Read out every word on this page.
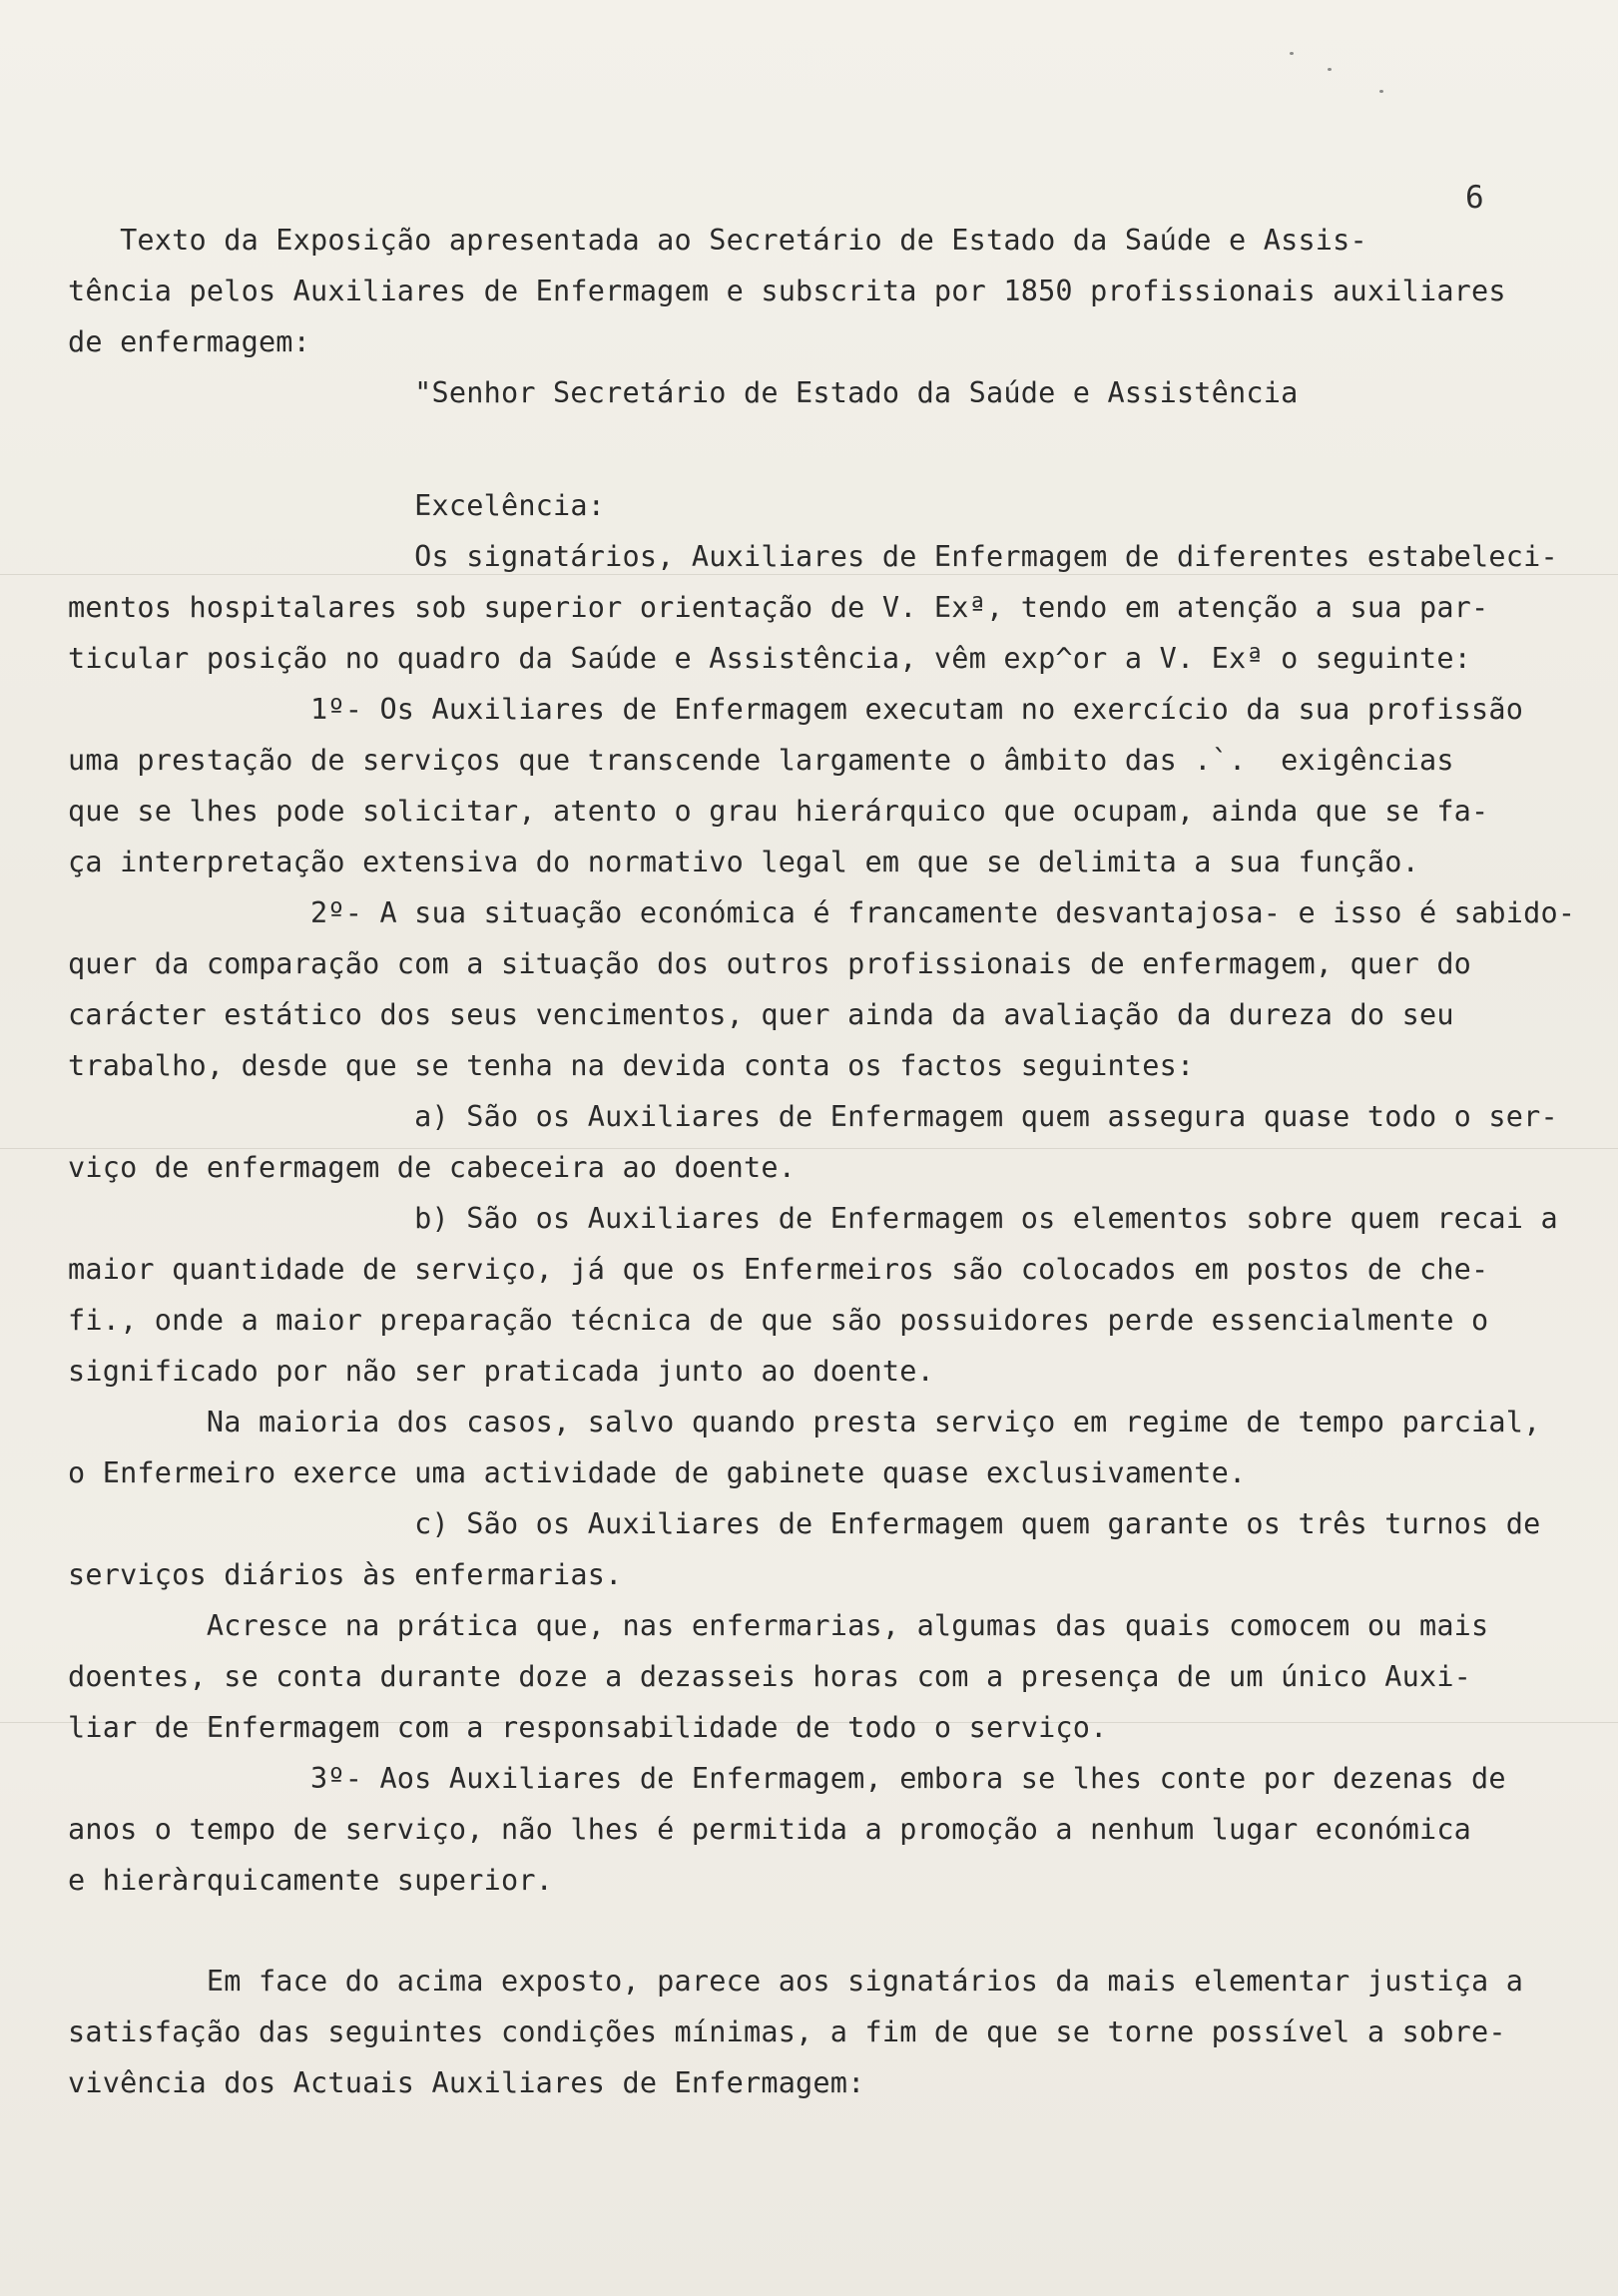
6
Texto da Exposição apresentada ao Secretário de Estado da Saúde e Assis-
tência pelos Auxiliares de Enfermagem e subscrita por 1850 profissionais auxiliares
de enfermagem:
"Senhor Secretário de Estado da Saúde e Assistência
Excelência:
Os signatários, Auxiliares de Enfermagem de diferentes estabeleci-
mentos hospitalares sob superior orientação de V. Exª, tendo em atenção a sua par-
ticular posição no quadro da Saúde e Assistência, vêm exp^or a V. Exª o seguinte:
1º- Os Auxiliares de Enfermagem executam no exercício da sua profissão
uma prestação de serviços que transcende largamente o âmbito das .`.  exigências
que se lhes pode solicitar, atento o grau hierárquico que ocupam, ainda que se fa-
ça interpretação extensiva do normativo legal em que se delimita a sua função.
2º- A sua situação económica é francamente desvantajosa- e isso é sabido-
quer da comparação com a situação dos outros profissionais de enfermagem, quer do
carácter estático dos seus vencimentos, quer ainda da avaliação da dureza do seu
trabalho, desde que se tenha na devida conta os factos seguintes:
a) São os Auxiliares de Enfermagem quem assegura quase todo o ser-
viço de enfermagem de cabeceira ao doente.
b) São os Auxiliares de Enfermagem os elementos sobre quem recai a
maior quantidade de serviço, já que os Enfermeiros são colocados em postos de che-
fi., onde a maior preparação técnica de que são possuidores perde essencialmente o
significado por não ser praticada junto ao doente.
Na maioria dos casos, salvo quando presta serviço em regime de tempo parcial,
o Enfermeiro exerce uma actividade de gabinete quase exclusivamente.
c) São os Auxiliares de Enfermagem quem garante os três turnos de
serviços diários às enfermarias.
Acresce na prática que, nas enfermarias, algumas das quais comocem ou mais
doentes, se conta durante doze a dezasseis horas com a presença de um único Auxi-
liar de Enfermagem com a responsabilidade de todo o serviço.
3º- Aos Auxiliares de Enfermagem, embora se lhes conte por dezenas de
anos o tempo de serviço, não lhes é permitida a promoção a nenhum lugar económica
e hieràrquicamente superior.
Em face do acima exposto, parece aos signatários da mais elementar justiça a
satisfação das seguintes condições mínimas, a fim de que se torne possível a sobre-
vivência dos Actuais Auxiliares de Enfermagem:
